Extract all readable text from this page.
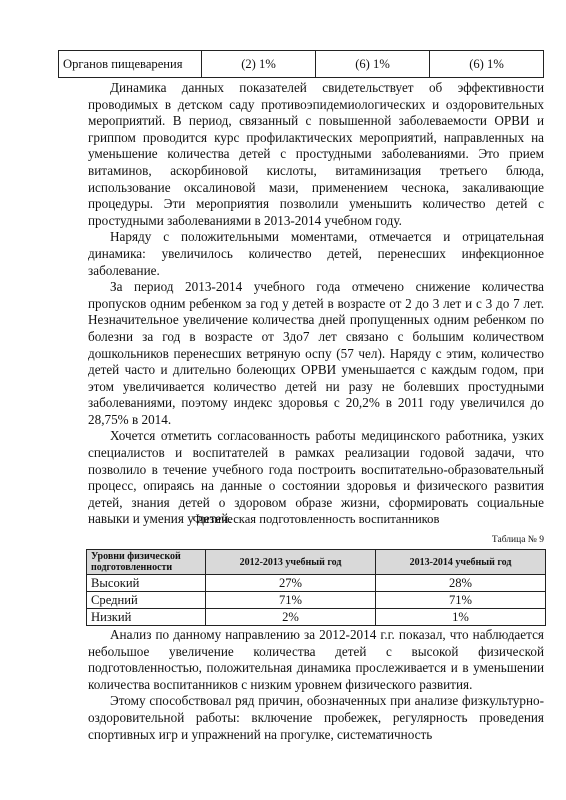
Органов пищеварения	(2) 1%	(6) 1%	(6) 1%

Динамика данных показателей свидетельствует об эффективности проводимых в детском саду противоэпидемиологических и оздоровительных мероприятий. В период, связанный с повышенной заболеваемости ОРВИ и гриппом проводится курс профилактических мероприятий, направленных на уменьшение количества детей с простудными заболеваниями. Это прием витаминов, аскорбиновой кислоты, витаминизация третьего блюда, использование оксалиновой мази, применением чеснока, закаливающие процедуры. Эти мероприятия позволили уменьшить количество детей с простудными заболеваниями в 2013-2014 учебном году.

Наряду с положительными моментами, отмечается и отрицательная динамика: увеличилось количество детей, перенесших инфекционное заболевание.

За период 2013-2014 учебного года отмечено снижение количества пропусков одним ребенком за год у детей в возрасте от 2 до 3 лет и с 3 до 7 лет. Незначительное увеличение количества дней пропущенных одним ребенком по болезни за год в возрасте от 3до7 лет связано с большим количеством дошкольников перенесших ветряную оспу (57 чел). Наряду с этим, количество детей часто и длительно болеющих ОРВИ уменьшается с каждым годом, при этом увеличивается количество детей ни разу не болевших простудными заболеваниями, поэтому индекс здоровья с 20,2% в 2011 году увеличился до 28,75% в 2014.

Хочется отметить согласованность работы медицинского работника, узких специалистов и воспитателей в рамках реализации годовой задачи, что позволило в течение учебного года построить воспитательно-образовательный процесс, опираясь на данные о состоянии здоровья и физического развития детей, знания детей о здоровом образе жизни, сформировать социальные навыки и умения у детей.

Физическая подготовленность воспитанников
Таблица № 9
Уровни физической подготовленности	2012-2013 учебный год	2013-2014 учебный год
Высокий	27%	28%
Средний	71%	71%
Низкий	2%	1%

Анализ по данному направлению за 2012-2014 г.г. показал, что наблюдается небольшое увеличение количества детей с высокой физической подготовленностью, положительная динамика прослеживается и в уменьшении количества воспитанников с низким уровнем физического развития.

Этому способствовал ряд причин, обозначенных при анализе физкультурно-оздоровительной работы: включение пробежек, регулярность проведения спортивных игр и упражнений на прогулке, систематичность
